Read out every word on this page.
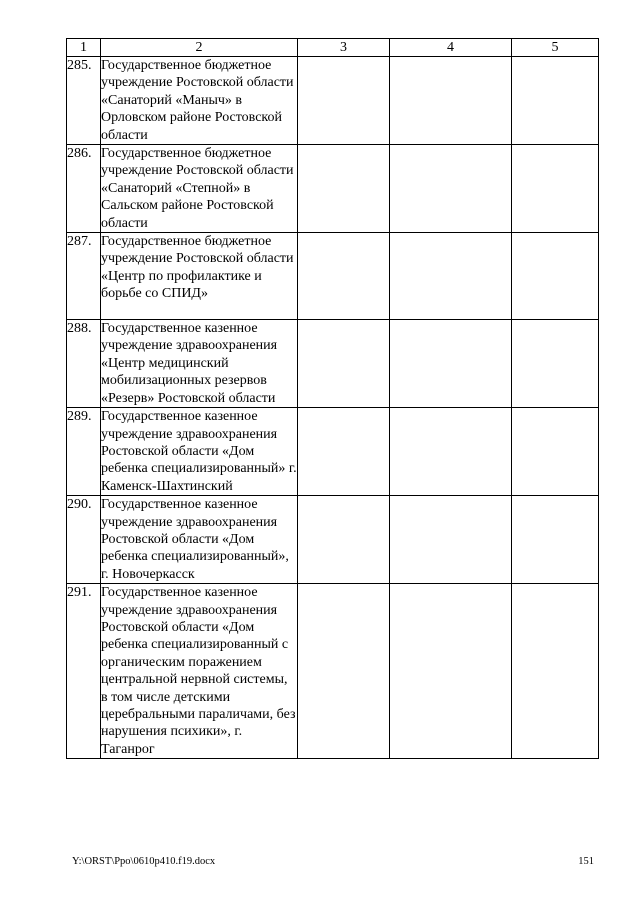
1	2	3	4	5
285.	Государственное бюджетное учреждение Ростовской области «Санаторий «Маныч» в Орловском районе Ростовской области			
286.	Государственное бюджетное учреждение Ростовской области «Санаторий «Степной» в Сальском районе Ростовской области			
287.	Государственное бюджетное учреждение Ростовской области «Центр по профилактике и борьбе со СПИД»			
288.	Государственное казенное учреждение здравоохранения «Центр медицинский мобилизационных резервов «Резерв» Ростовской области			
289.	Государственное казенное учреждение здравоохранения Ростовской области «Дом ребенка специализированный» г. Каменск-Шахтинский			
290.	Государственное казенное учреждение здравоохранения Ростовской области «Дом ребенка специализированный», г. Новочеркасск			
291.	Государственное казенное учреждение здравоохранения Ростовской области «Дом ребенка специализированный с органическим поражением центральной нервной системы, в том числе детскими церебральными параличами, без нарушения психики», г. Таганрог			
Y:\ORST\Ppo\0610p410.f19.docx	151
